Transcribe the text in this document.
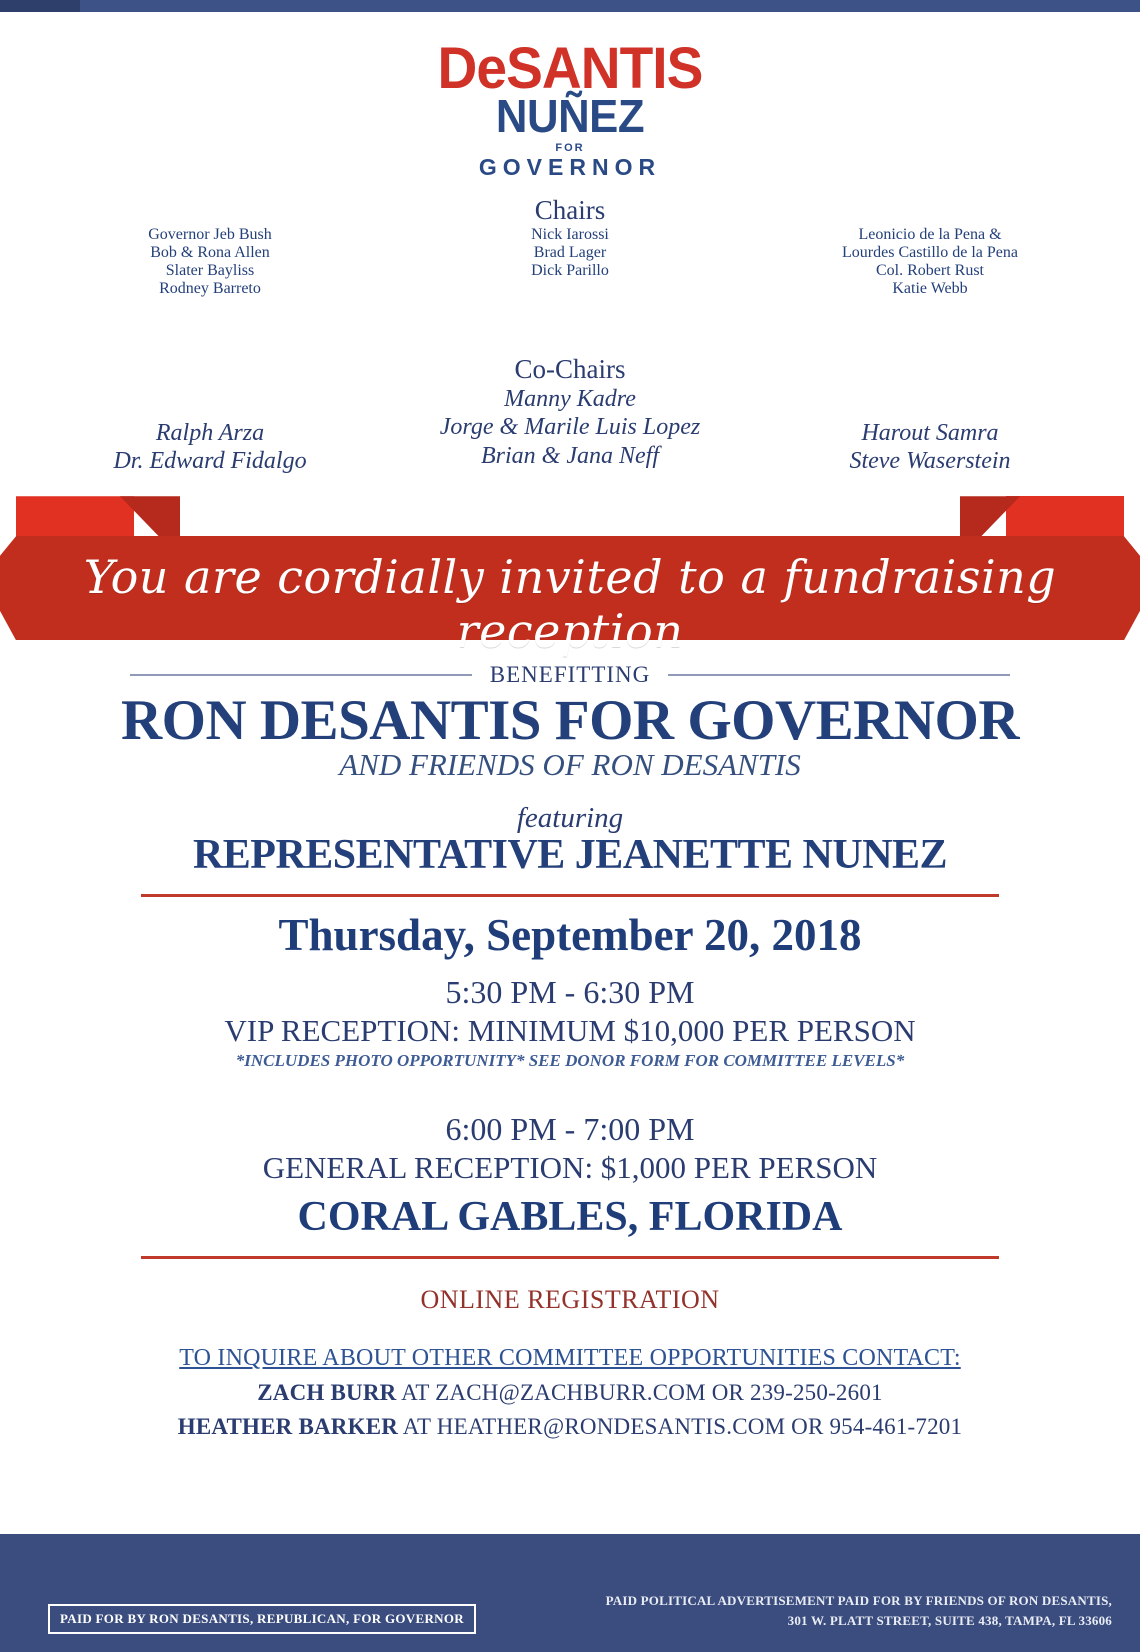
DeSANTIS
NUÑEZ
FOR
GOVERNOR
Chairs
Governor Jeb Bush
Bob & Rona Allen
Slater Bayliss
Rodney Barreto
Nick Iarossi
Brad Lager
Dick Parillo
Leonicio de la Pena &
Lourdes Castillo de la Pena
Col. Robert Rust
Katie Webb
Co-Chairs
Ralph Arza
Dr. Edward Fidalgo
Manny Kadre
Jorge & Marile Luis Lopez
Brian & Jana Neff
Harout Samra
Steve Waserstein
You are cordially invited to a fundraising reception
BENEFITTING
RON DESANTIS FOR GOVERNOR
AND FRIENDS OF RON DESANTIS
featuring
REPRESENTATIVE JEANETTE NUNEZ
Thursday, September 20, 2018
5:30 PM - 6:30 PM
VIP RECEPTION: MINIMUM $10,000 PER PERSON
*INCLUDES PHOTO OPPORTUNITY* SEE DONOR FORM FOR COMMITTEE LEVELS*
6:00 PM - 7:00 PM
GENERAL RECEPTION: $1,000 PER PERSON
CORAL GABLES, FLORIDA
ONLINE REGISTRATION
TO INQUIRE ABOUT OTHER COMMITTEE OPPORTUNITIES CONTACT:
ZACH BURR AT ZACH@ZACHBURR.COM OR 239-250-2601
HEATHER BARKER AT HEATHER@RONDESANTIS.COM OR 954-461-7201
PAID FOR BY RON DESANTIS, REPUBLICAN, FOR GOVERNOR
PAID POLITICAL ADVERTISEMENT PAID FOR BY FRIENDS OF RON DESANTIS,
301 W. PLATT STREET, SUITE 438, TAMPA, FL 33606
